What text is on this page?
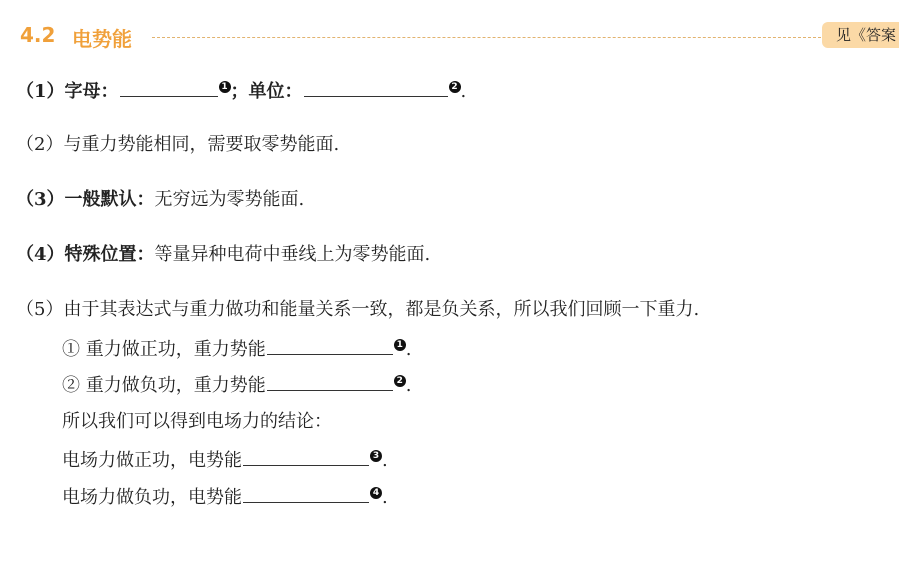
4.2 电势能	见《答案
（1）字母：	1 ；单位：	2 .
（2）与重力势能相同，需要取零势能面.
（3）一般默认：无穷远为零势能面.
（4）特殊位置：等量异种电荷中垂线上为零势能面.
（5）由于其表达式与重力做功和能量关系一致，都是负关系，所以我们回顾一下重力.
① 重力做正功，重力势能	1 .
② 重力做负功，重力势能	2 .
所以我们可以得到电场力的结论：
电场力做正功，电势能	3 .
电场力做负功，电势能	4 .
